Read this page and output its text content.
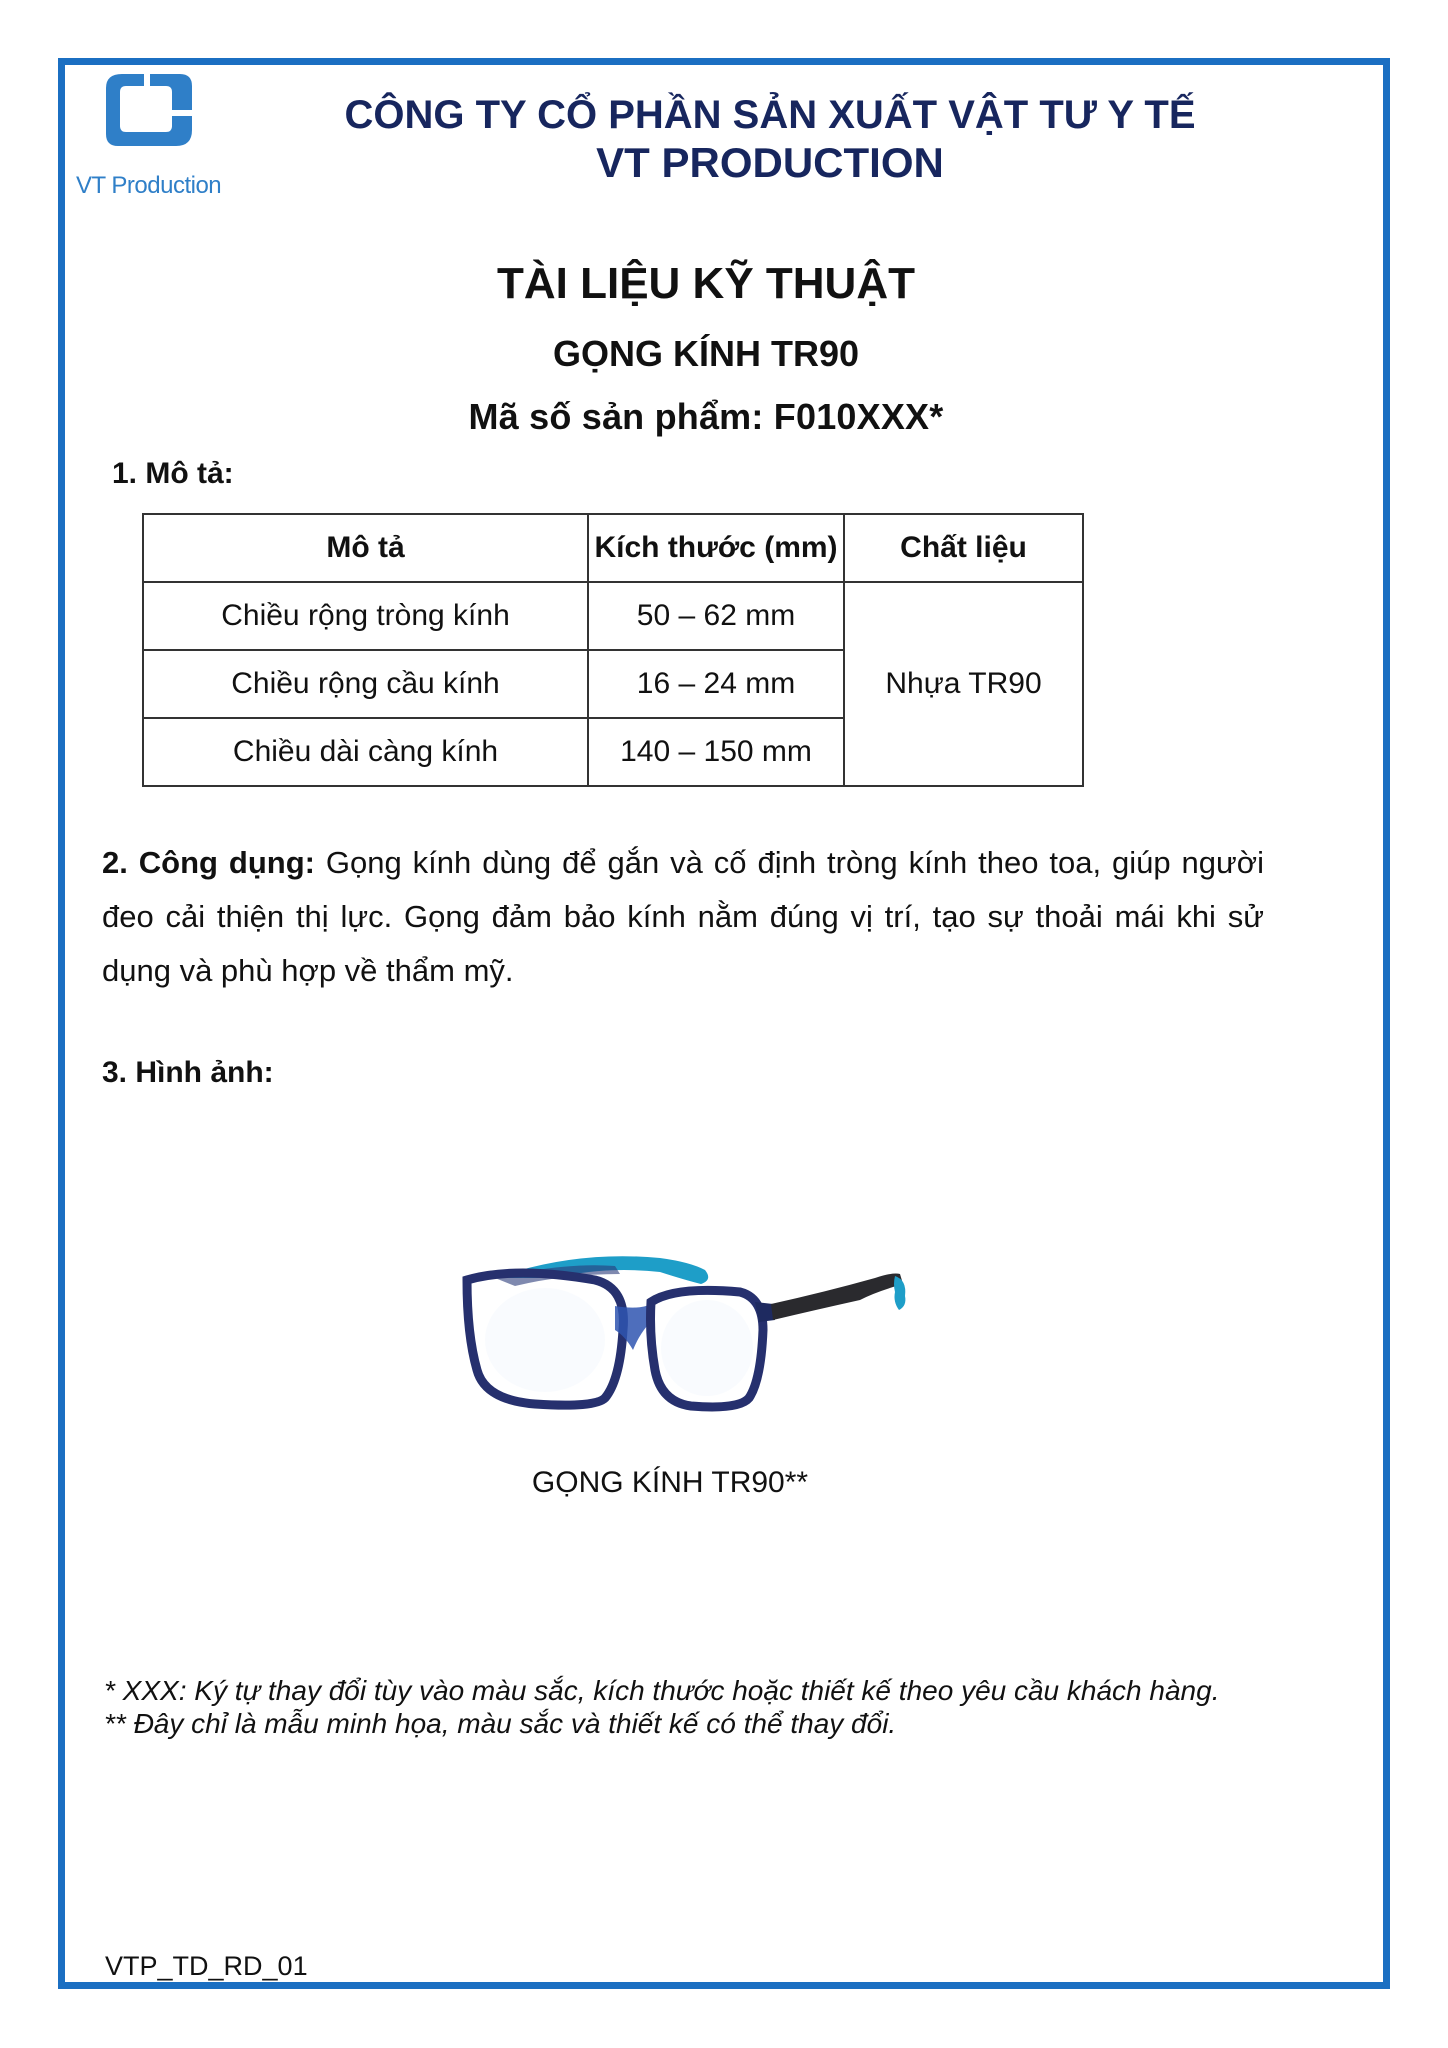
VT Production
CÔNG TY CỔ PHẦN SẢN XUẤT VẬT TƯ Y TẾ
VT PRODUCTION
TÀI LIỆU KỸ THUẬT
GỌNG KÍNH TR90
Mã số sản phẩm: F010XXX*
1. Mô tả:
Mô tả	Kích thước (mm)	Chất liệu
Chiều rộng tròng kính	50 – 62 mm	Nhựa TR90
Chiều rộng cầu kính	16 – 24 mm	
Chiều dài càng kính	140 – 150 mm	
2. Công dụng: Gọng kính dùng để gắn và cố định tròng kính theo toa, giúp người đeo cải thiện thị lực. Gọng đảm bảo kính nằm đúng vị trí, tạo sự thoải mái khi sử dụng và phù hợp về thẩm mỹ.
3. Hình ảnh:
GỌNG KÍNH TR90**
* XXX: Ký tự thay đổi tùy vào màu sắc, kích thước hoặc thiết kế theo yêu cầu khách hàng.
** Đây chỉ là mẫu minh họa, màu sắc và thiết kế có thể thay đổi.
VTP_TD_RD_01
